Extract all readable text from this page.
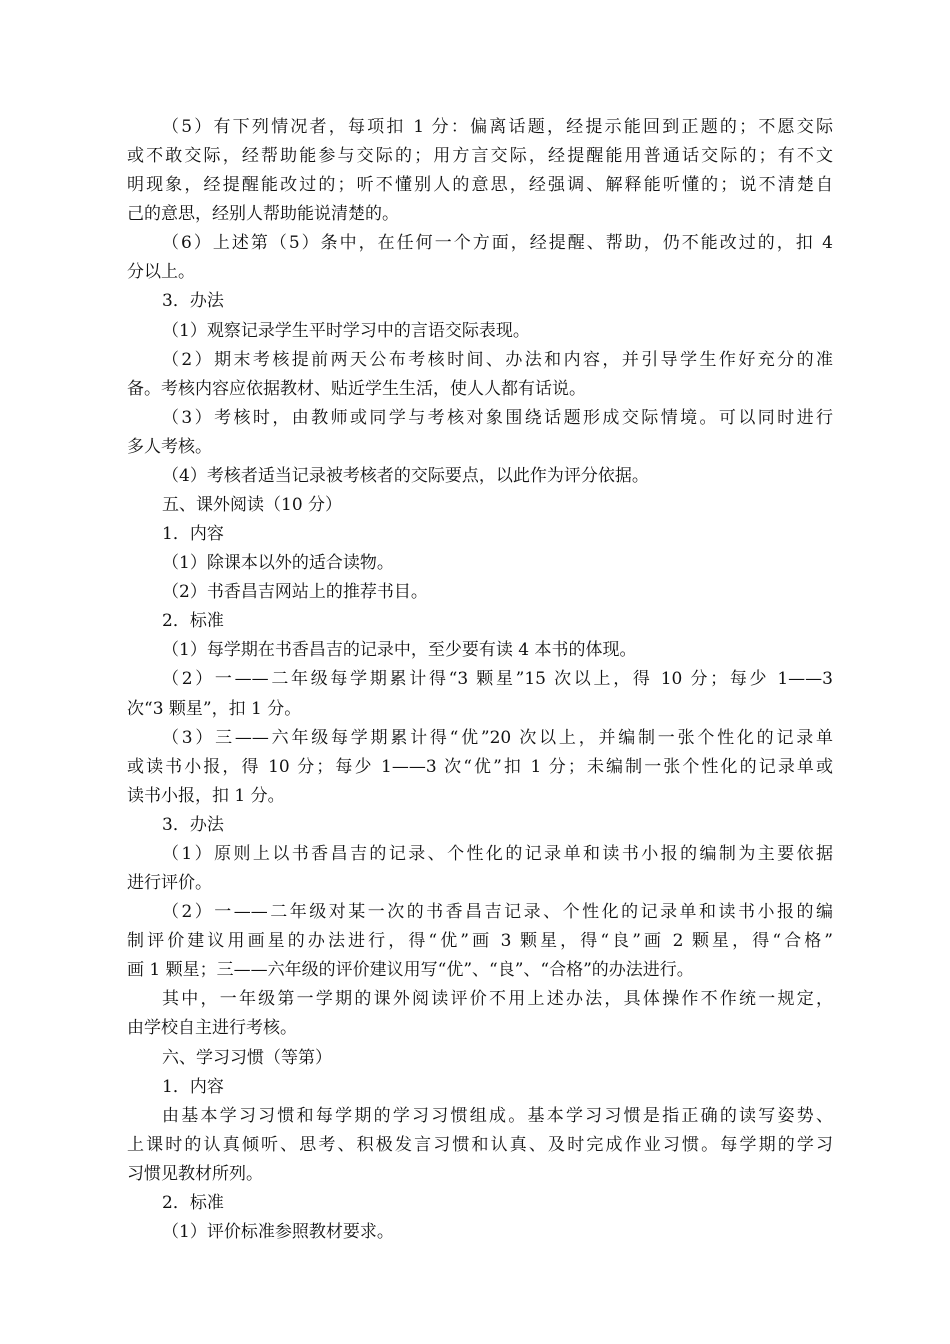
（5）有下列情况者，每项扣 1 分：偏离话题，经提示能回到正题的；不愿交际
或不敢交际，经帮助能参与交际的；用方言交际，经提醒能用普通话交际的；有不文
明现象，经提醒能改过的；听不懂别人的意思，经强调、解释能听懂的；说不清楚自
己的意思，经别人帮助能说清楚的。
（6）上述第（5）条中，在任何一个方面，经提醒、帮助，仍不能改过的，扣 4
分以上。
3．办法
（1）观察记录学生平时学习中的言语交际表现。
（2）期末考核提前两天公布考核时间、办法和内容，并引导学生作好充分的准
备。考核内容应依据教材、贴近学生生活，使人人都有话说。
（3）考核时，由教师或同学与考核对象围绕话题形成交际情境。可以同时进行
多人考核。
（4）考核者适当记录被考核者的交际要点，以此作为评分依据。
五、课外阅读（10 分）
1．内容
（1）除课本以外的适合读物。
（2）书香昌吉网站上的推荐书目。
2．标准
（1）每学期在书香昌吉的记录中，至少要有读 4 本书的体现。
（2）一——二年级每学期累计得“3 颗星”15 次以上，得 10 分；每少 1——3
次“3 颗星”，扣 1 分。
（3）三——六年级每学期累计得“优”20 次以上，并编制一张个性化的记录单
或读书小报，得 10 分；每少 1——3 次“优”扣 1 分；未编制一张个性化的记录单或
读书小报，扣 1 分。
3．办法
（1）原则上以书香昌吉的记录、个性化的记录单和读书小报的编制为主要依据
进行评价。
（2）一——二年级对某一次的书香昌吉记录、个性化的记录单和读书小报的编
制评价建议用画星的办法进行，得“优”画 3 颗星，得“良”画 2 颗星，得“合格”
画 1 颗星；三——六年级的评价建议用写“优”、“良”、“合格”的办法进行。
其中，一年级第一学期的课外阅读评价不用上述办法，具体操作不作统一规定，
由学校自主进行考核。
六、学习习惯（等第）
1．内容
由基本学习习惯和每学期的学习习惯组成。基本学习习惯是指正确的读写姿势、
上课时的认真倾听、思考、积极发言习惯和认真、及时完成作业习惯。每学期的学习
习惯见教材所列。
2．标准
（1）评价标准参照教材要求。
